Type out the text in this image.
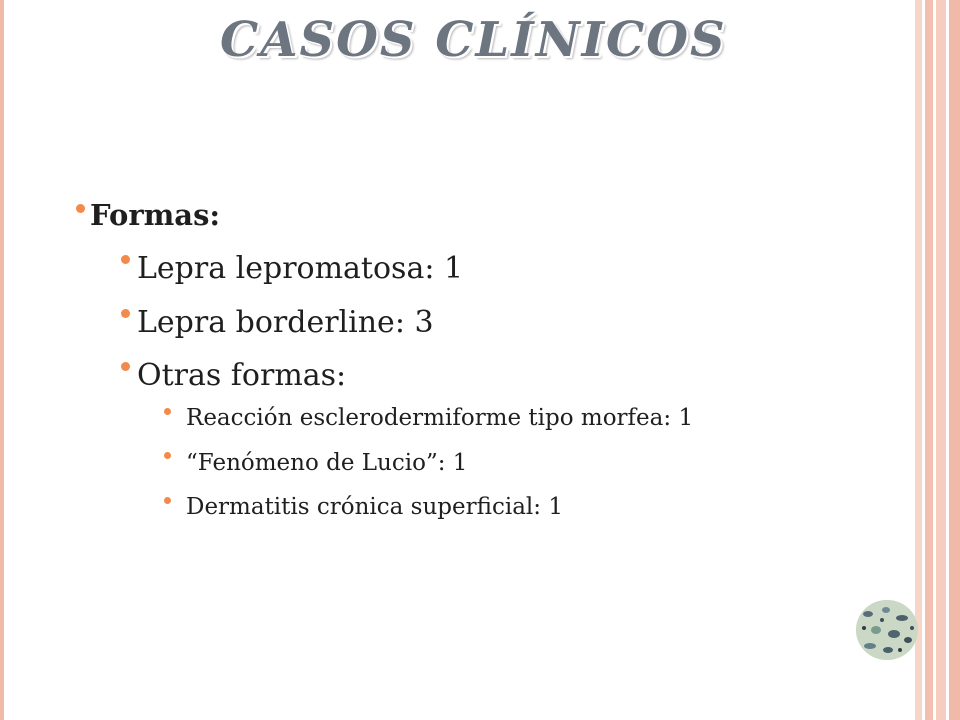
CASOS CLÍNICOS
Formas:
Lepra lepromatosa: 1
Lepra borderline: 3
Otras formas:
Reacción esclerodermiforme tipo morfea: 1
“Fenómeno de Lucio”: 1
Dermatitis crónica superficial: 1
